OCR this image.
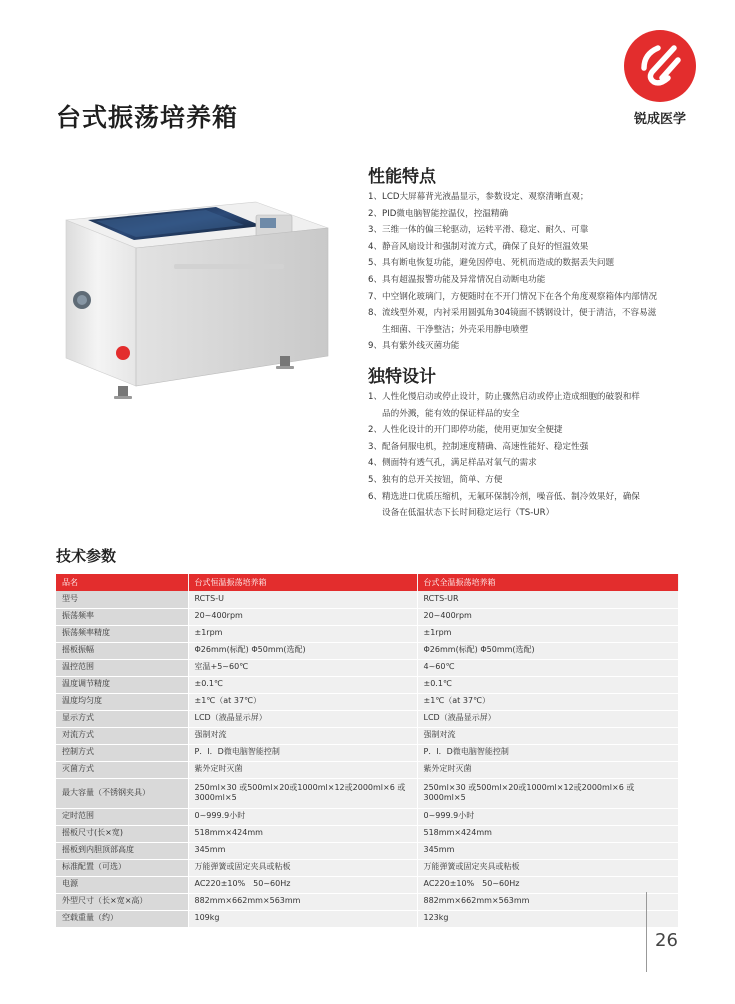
锐成医学
台式振荡培养箱
性能特点
1、LCD大屏幕背光液晶显示，参数设定、观察清晰直观；
2、PID微电脑智能控温仪，控温精确
3、三维一体的偏三轮驱动，运转平滑、稳定、耐久、可靠
4、静音风扇设计和强制对流方式，确保了良好的恒温效果
5、具有断电恢复功能，避免因停电、死机而造成的数据丢失问题
6、具有超温报警功能及异常情况自动断电功能
7、中空钢化玻璃门，方便随时在不开门情况下在各个角度观察箱体内部情况
8、流线型外观，内衬采用圆弧角304镜面不锈钢设计，便于清洁，不容易滋
生细菌、干净整洁；外壳采用静电喷塑
9、具有紫外线灭菌功能
独特设计
1、人性化慢启动或停止设计，防止骤然启动或停止造成细胞的破裂和样
品的外溅，能有效的保证样品的安全
2、人性化设计的开门即停功能，使用更加安全便捷
3、配备伺服电机，控制速度精确、高速性能好、稳定性强
4、侧面特有透气孔，满足样品对氧气的需求
5、独有的总开关按钮，简单、方便
6、精选进口优质压缩机，无氟环保制冷剂，噪音低、制冷效果好，确保
设备在低温状态下长时间稳定运行（TS-UR）
技术参数
品名	台式恒温振荡培养箱	台式全温振荡培养箱
型号	RCTS-U	RCTS-UR
振荡频率	20~400rpm	20~400rpm
振荡频率精度	±1rpm	±1rpm
摇板振幅	Φ26mm(标配) Φ50mm(选配)	Φ26mm(标配) Φ50mm(选配)
温控范围	室温+5~60℃	4~60℃
温度调节精度	±0.1℃	±0.1℃
温度均匀度	±1℃（at 37℃）	±1℃（at 37℃）
显示方式	LCD（液晶显示屏）	LCD（液晶显示屏）
对流方式	强制对流	强制对流
控制方式	P．I．D微电脑智能控制	P．I．D微电脑智能控制
灭菌方式	紫外定时灭菌	紫外定时灭菌
最大容量（不锈钢夹具）	250ml×30 或500ml×20或1000ml×12或2000ml×6 或3000ml×5	250ml×30 或500ml×20或1000ml×12或2000ml×6 或3000ml×5
定时范围	0~999.9小时	0~999.9小时
摇板尺寸(长×宽)	518mm×424mm	518mm×424mm
摇板到内胆顶部高度	345mm	345mm
标准配置（可选）	万能弹簧或固定夹具或粘板	万能弹簧或固定夹具或粘板
电源	AC220±10%　50~60Hz	AC220±10%　50~60Hz
外型尺寸（长×宽×高）	882mm×662mm×563mm	882mm×662mm×563mm
空载重量（约）	109kg	123kg
26
